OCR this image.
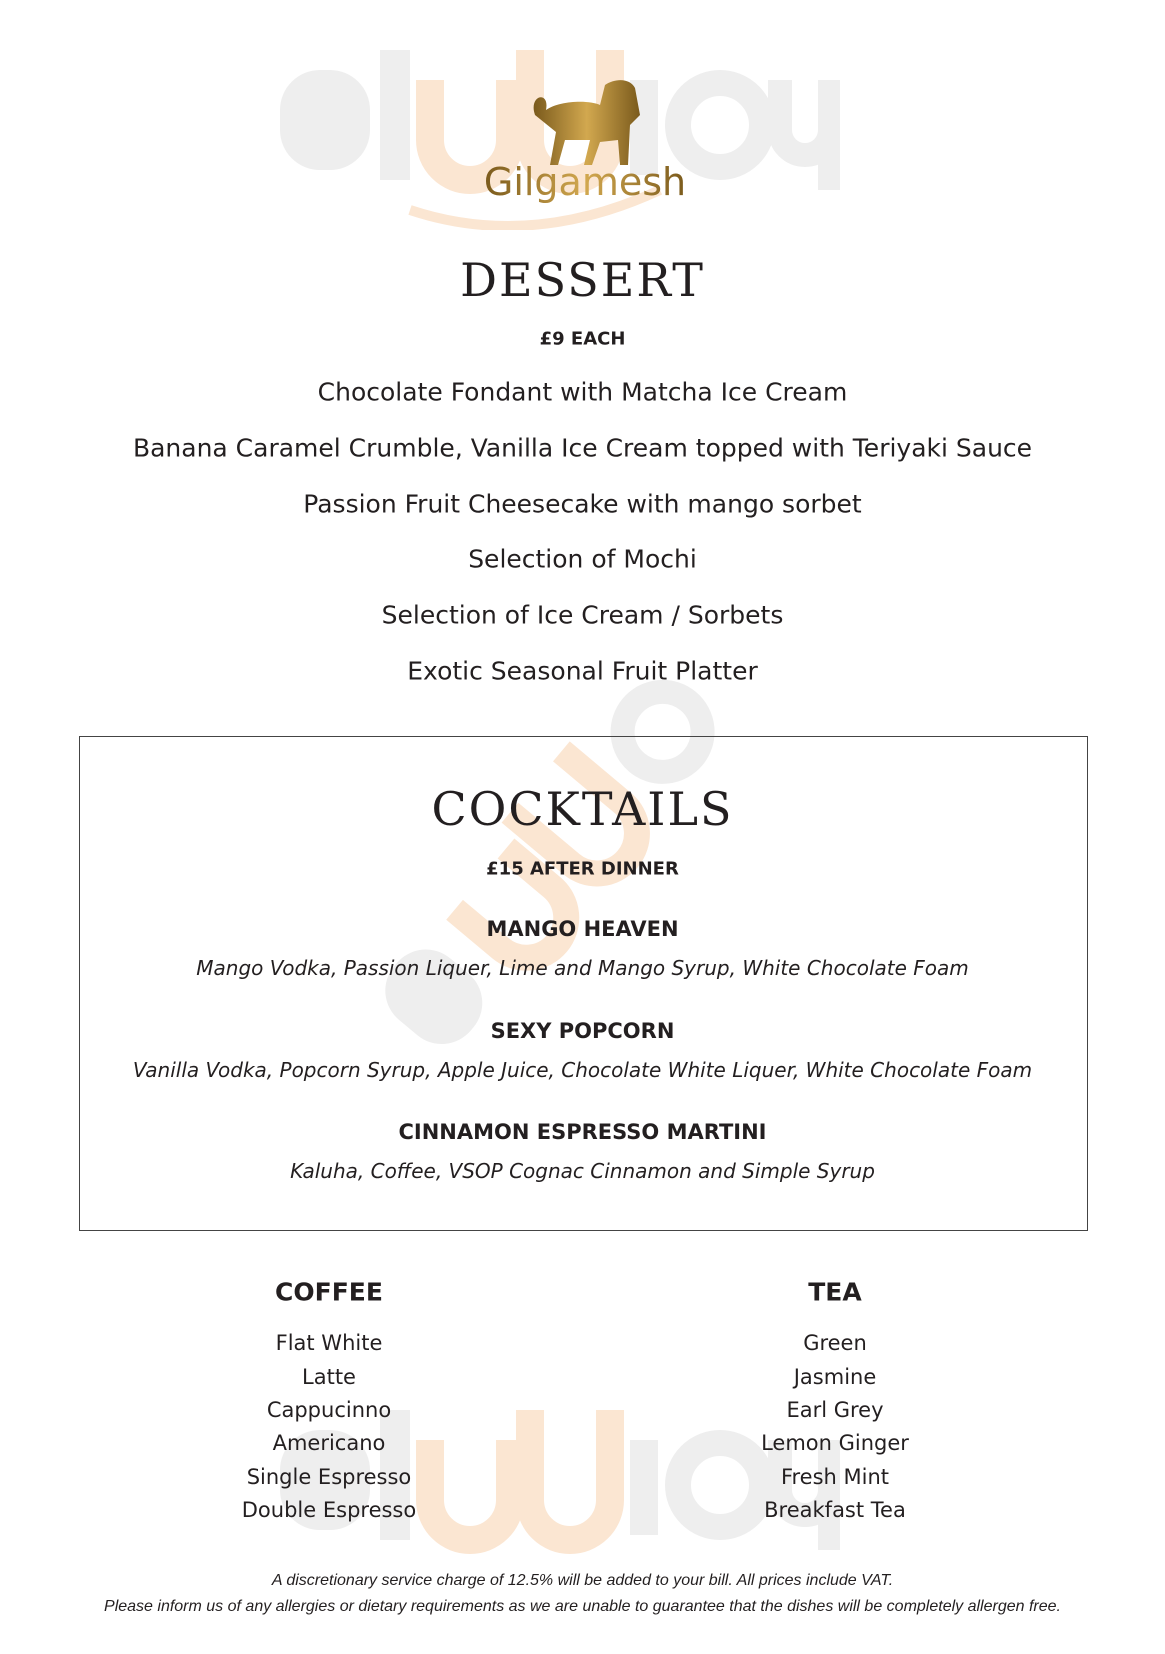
Gilgamesh
DESSERT
£9 EACH
Chocolate Fondant with Matcha Ice Cream
Banana Caramel Crumble, Vanilla Ice Cream topped with Teriyaki Sauce
Passion Fruit Cheesecake with mango sorbet
Selection of Mochi
Selection of Ice Cream / Sorbets
Exotic Seasonal Fruit Platter
COCKTAILS
£15 AFTER DINNER
MANGO HEAVEN
Mango Vodka, Passion Liquer, Lime and Mango Syrup, White Chocolate Foam
SEXY POPCORN
Vanilla Vodka, Popcorn Syrup, Apple Juice, Chocolate White Liquer, White Chocolate Foam
CINNAMON ESPRESSO MARTINI
Kaluha, Coffee, VSOP Cognac Cinnamon and Simple Syrup
COFFEE
Flat White
Latte
Cappucinno
Americano
Single Espresso
Double Espresso
TEA
Green
Jasmine
Earl Grey
Lemon Ginger
Fresh Mint
Breakfast Tea
A discretionary service charge of 12.5% will be added to your bill. All prices include VAT.
Please inform us of any allergies or dietary requirements as we are unable to guarantee that the dishes will be completely allergen free.
